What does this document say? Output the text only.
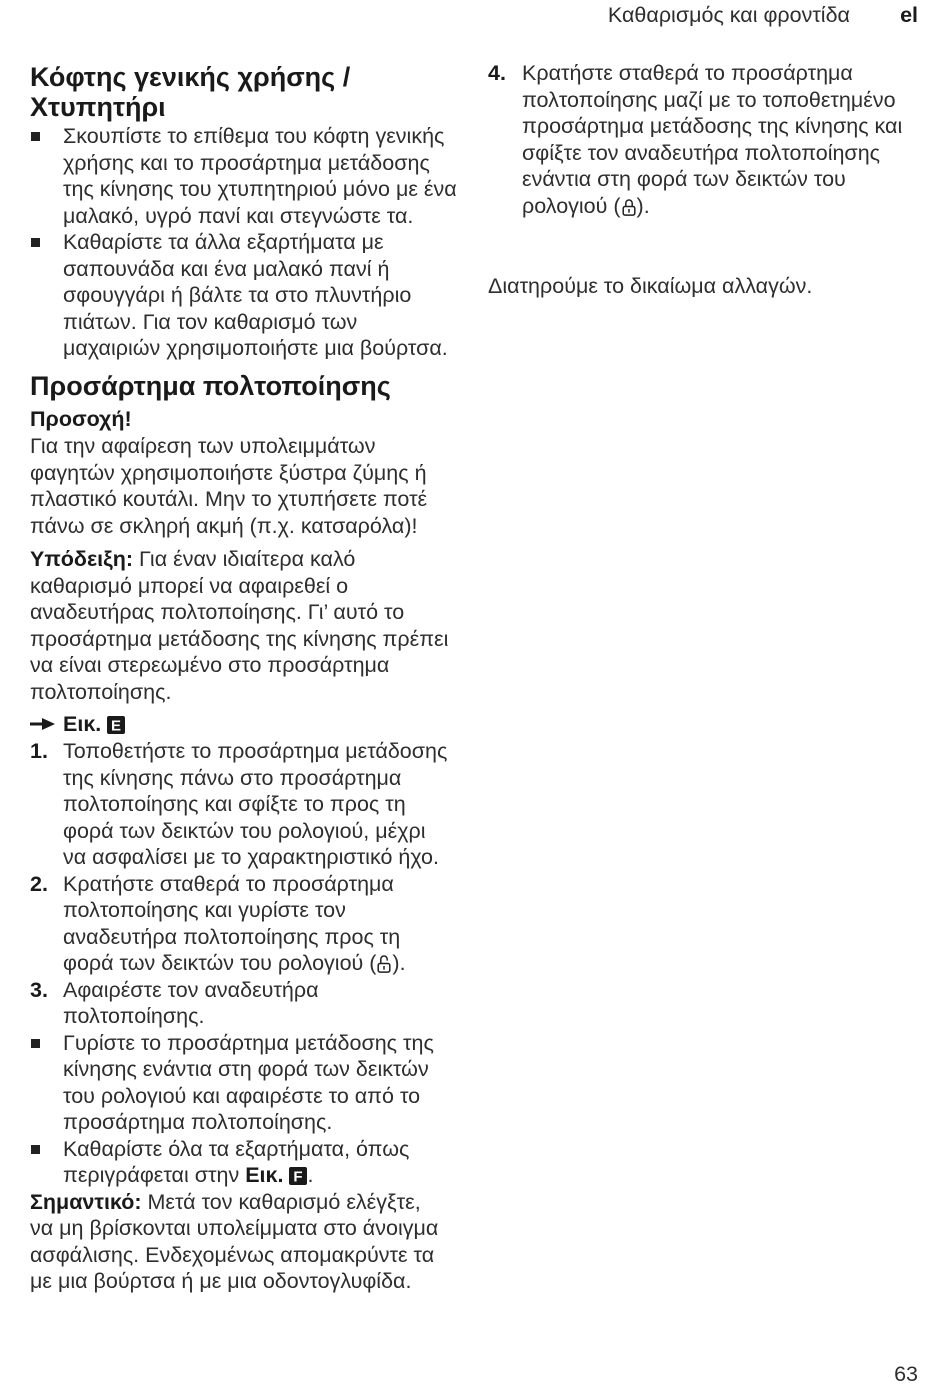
Καθαρισμός και φροντίδα el
Κόφτης γενικής χρήσης /
Χτυπητήρι
Σκουπίστε το επίθεμα του κόφτη γενικής
χρήσης και το προσάρτημα μετάδοσης
της κίνησης του χτυπητηριού μόνο με ένα
μαλακό, υγρό πανί και στεγνώστε τα.
Καθαρίστε τα άλλα εξαρτήματα με
σαπουνάδα και ένα μαλακό πανί ή
σφουγγάρι ή βάλτε τα στο πλυντήριο
πιάτων. Για τον καθαρισμό των
μαχαιριών χρησιμοποιήστε μια βούρτσα.
Προσάρτημα πολτοποίησης
Προσοχή!
Για την αφαίρεση των υπολειμμάτων
φαγητών χρησιμοποιήστε ξύστρα ζύμης ή
πλαστικό κουτάλι. Μην το χτυπήσετε ποτέ
πάνω σε σκληρή ακμή (π.χ. κατσαρόλα)!
Υπόδειξη: Για έναν ιδιαίτερα καλό
καθαρισμό μπορεί να αφαιρεθεί ο
αναδευτήρας πολτοποίησης. Γι’ αυτό το
προσάρτημα μετάδοσης της κίνησης πρέπει
να είναι στερεωμένο στο προσάρτημα
πολτοποίησης.
Εικ. E
1. Τοποθετήστε το προσάρτημα μετάδοσης
της κίνησης πάνω στο προσάρτημα
πολτοποίησης και σφίξτε το προς τη
φορά των δεικτών του ρολογιού, μέχρι
να ασφαλίσει με το χαρακτηριστικό ήχο.
2. Κρατήστε σταθερά το προσάρτημα
πολτοποίησης και γυρίστε τον
αναδευτήρα πολτοποίησης προς τη
φορά των δεικτών του ρολογιού ( ).
3. Αφαιρέστε τον αναδευτήρα
πολτοποίησης.
Γυρίστε το προσάρτημα μετάδοσης της
κίνησης ενάντια στη φορά των δεικτών
του ρολογιού και αφαιρέστε το από το
προσάρτημα πολτοποίησης.
Καθαρίστε όλα τα εξαρτήματα, όπως
περιγράφεται στην Εικ. F .
Σημαντικό: Μετά τον καθαρισμό ελέγξτε,
να μη βρίσκονται υπολείμματα στο άνοιγμα
ασφάλισης. Ενδεχομένως απομακρύντε τα
με μια βούρτσα ή με μια οδοντογλυφίδα.
4. Κρατήστε σταθερά το προσάρτημα
πολτοποίησης μαζί με το τοποθετημένο
προσάρτημα μετάδοσης της κίνησης και
σφίξτε τον αναδευτήρα πολτοποίησης
ενάντια στη φορά των δεικτών του
ρολογιού ( ).
Διατηρούμε το δικαίωμα αλλαγών.
63
